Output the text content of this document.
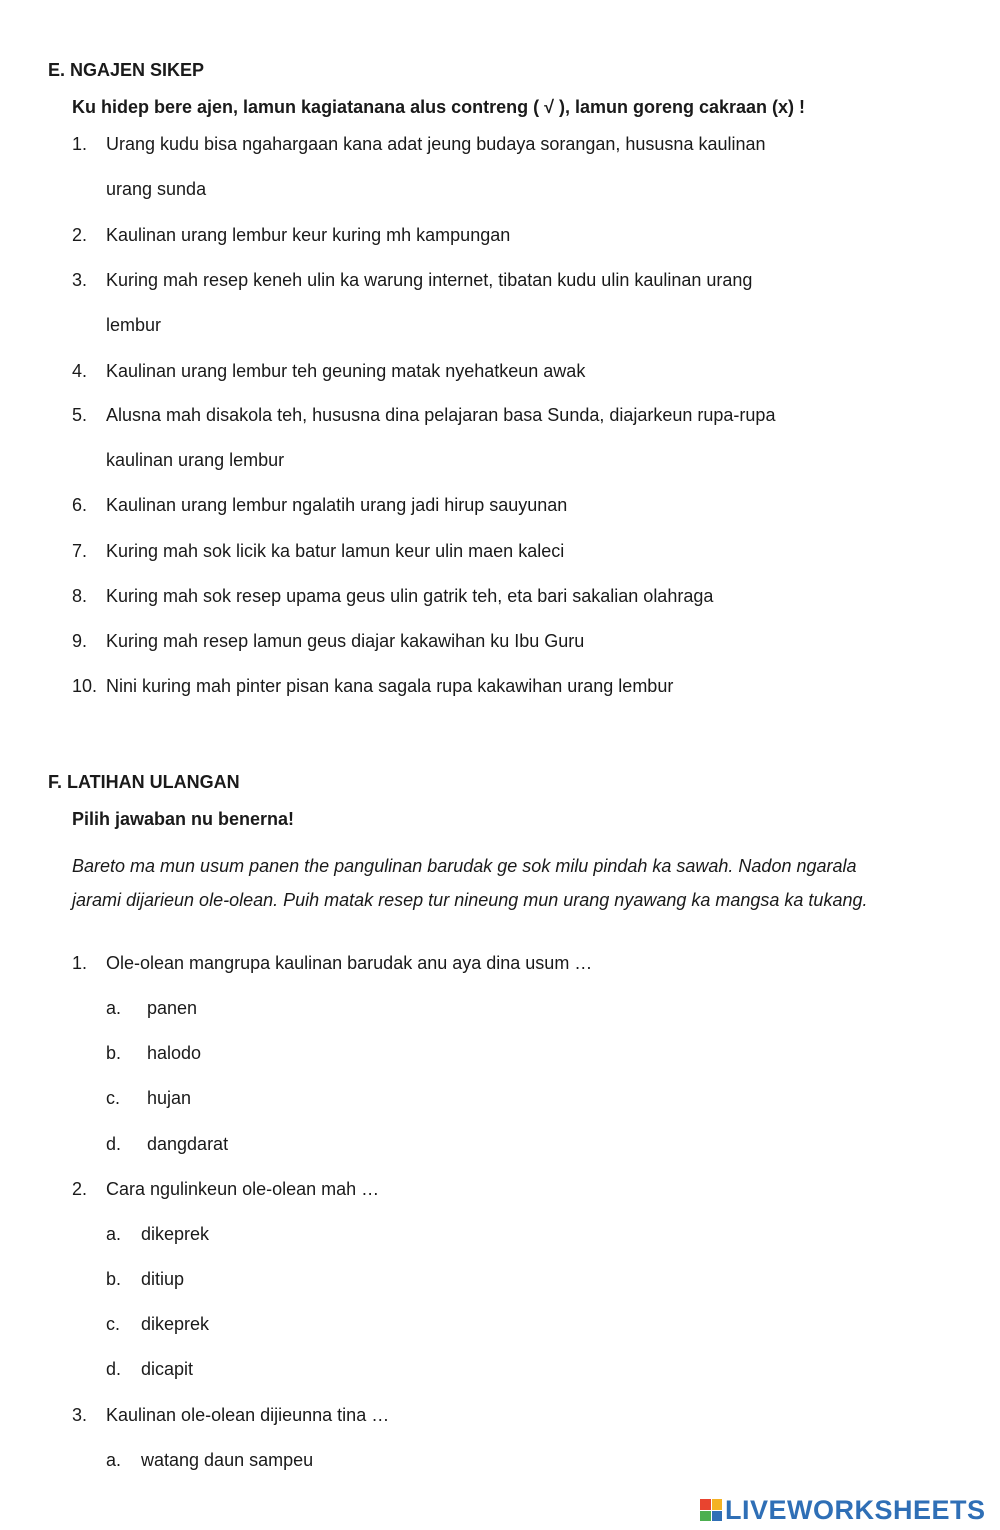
E. NGAJEN SIKEP
Ku hidep bere ajen, lamun kagiatanana alus contreng ( √ ), lamun goreng cakraan (x) !
1. Urang kudu bisa ngahargaan kana adat jeung budaya sorangan, hususna kaulinan
urang sunda
2. Kaulinan urang lembur keur kuring mh kampungan
3. Kuring mah resep keneh ulin ka warung internet, tibatan kudu ulin kaulinan urang
lembur
4. Kaulinan urang lembur teh geuning matak nyehatkeun awak
5. Alusna mah disakola teh, hususna dina pelajaran basa Sunda, diajarkeun rupa-rupa
kaulinan urang lembur
6. Kaulinan urang lembur ngalatih urang jadi hirup sauyunan
7. Kuring mah sok licik ka batur lamun keur ulin maen kaleci
8. Kuring mah sok resep upama geus ulin gatrik teh, eta bari sakalian olahraga
9. Kuring mah resep lamun geus diajar kakawihan ku Ibu Guru
10. Nini kuring mah pinter pisan kana sagala rupa kakawihan urang lembur
F. LATIHAN ULANGAN
Pilih jawaban nu benerna!
Bareto ma mun usum panen the pangulinan barudak ge sok milu pindah ka sawah. Nadon ngarala
jarami dijarieun ole-olean. Puih matak resep tur nineung mun urang nyawang ka mangsa ka tukang.
1. Ole-olean mangrupa kaulinan barudak anu aya dina usum …
a. panen
b. halodo
c. hujan
d. dangdarat
2. Cara ngulinkeun ole-olean mah …
a. dikeprek
b. ditiup
c. dikeprek
d. dicapit
3. Kaulinan ole-olean dijieunna tina …
a. watang daun sampeu
LIVEWORKSHEETS
